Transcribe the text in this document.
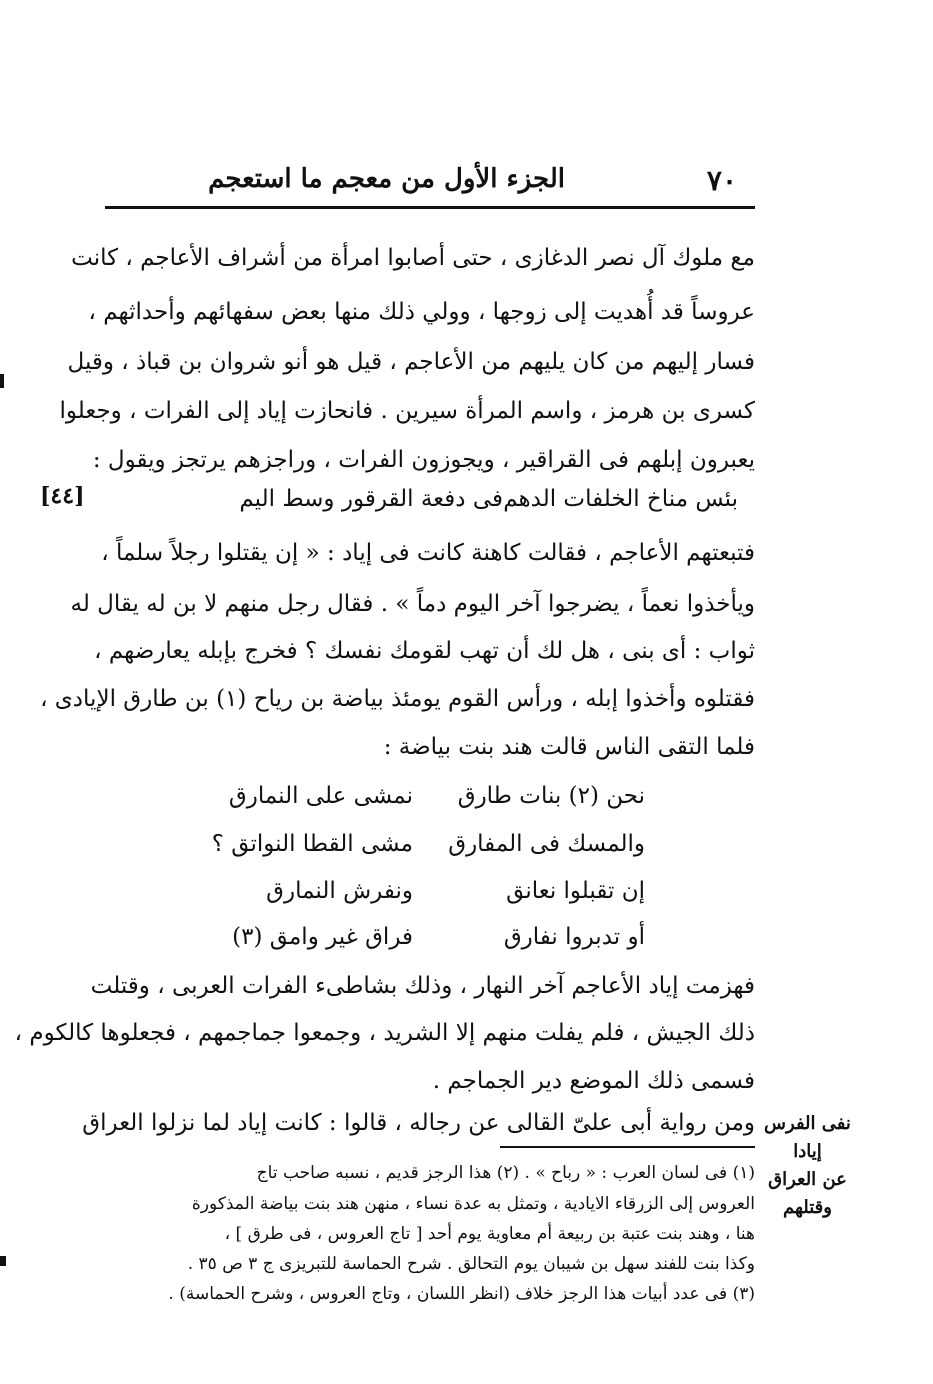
٧٠
الجزء الأول من معجم ما استعجم
[٤٤]
مع ملوك آل نصر الدغازى ، حتى أصابوا امرأة من أشراف الأعاجم ، كانت
عروساً قد أُهديت إلى زوجها ، وولي ذلك منها بعض سفهائهم وأحداثهم ،
فسار إليهم من كان يليهم من الأعاجم ، قيل هو أنو شروان بن قباذ ، وقيل
كسرى بن هرمز ، واسم المرأة سيرين . فانحازت إياد إلى الفرات ، وجعلوا
يعبرون إبلهم فى القراقير ، ويجوزون الفرات ، وراجزهم يرتجز ويقول :
بئس مناخ الخلفات الدهم
فى دفعة القرقور وسط اليم
فتبعتهم الأعاجم ، فقالت كاهنة كانت فى إياد : « إن يقتلوا رجلاً سلماً ،
ويأخذوا نعماً ، يضرجوا آخر اليوم دماً » . فقال رجل منهم لا بن له يقال له
ثواب : أى بنى ، هل لك أن تهب لقومك نفسك ؟ فخرج بإبله يعارضهم ،
فقتلوه وأخذوا إبله ، ورأس القوم يومئذ بياضة بن رياح (١) بن طارق الإيادى ،
فلما التقى الناس قالت هند بنت بياضة :
نحن (٢) بنات طارق
نمشى على النمارق
والمسك فى المفارق
مشى القطا النواتق ؟
إن تقبلوا نعانق
ونفرش النمارق
أو تدبروا نفارق
فراق غير وامق (٣)
فهزمت إياد الأعاجم آخر النهار ، وذلك بشاطىء الفرات العربى ، وقتلت
ذلك الجيش ، فلم يفلت منهم إلا الشريد ، وجمعوا جماجمهم ، فجعلوها كالكوم ،
فسمى ذلك الموضع دير الجماجم .
ومن رواية أبى علىّ القالى عن رجاله ، قالوا : كانت إياد لما نزلوا العراق نفى الفرس إيادا
عن العراق
وقتلهم
(١) فى لسان العرب : « رباح » . (٢) هذا الرجز قديم ، نسبه صاحب تاج
العروس إلى الزرقاء الايادية ، وتمثل به عدة نساء ، منهن هند بنت بياضة المذكورة
هنا ، وهند بنت عتبة بن ربيعة أم معاوية يوم أحد [ تاج العروس ، فى طرق ] ،
وكذا بنت للفند سهل بن شيبان يوم التحالق . شرح الحماسة للتبريزى ج ٣ ص ٣٥ .
(٣) فى عدد أبيات هذا الرجز خلاف (انظر اللسان ، وتاج العروس ، وشرح الحماسة) .
